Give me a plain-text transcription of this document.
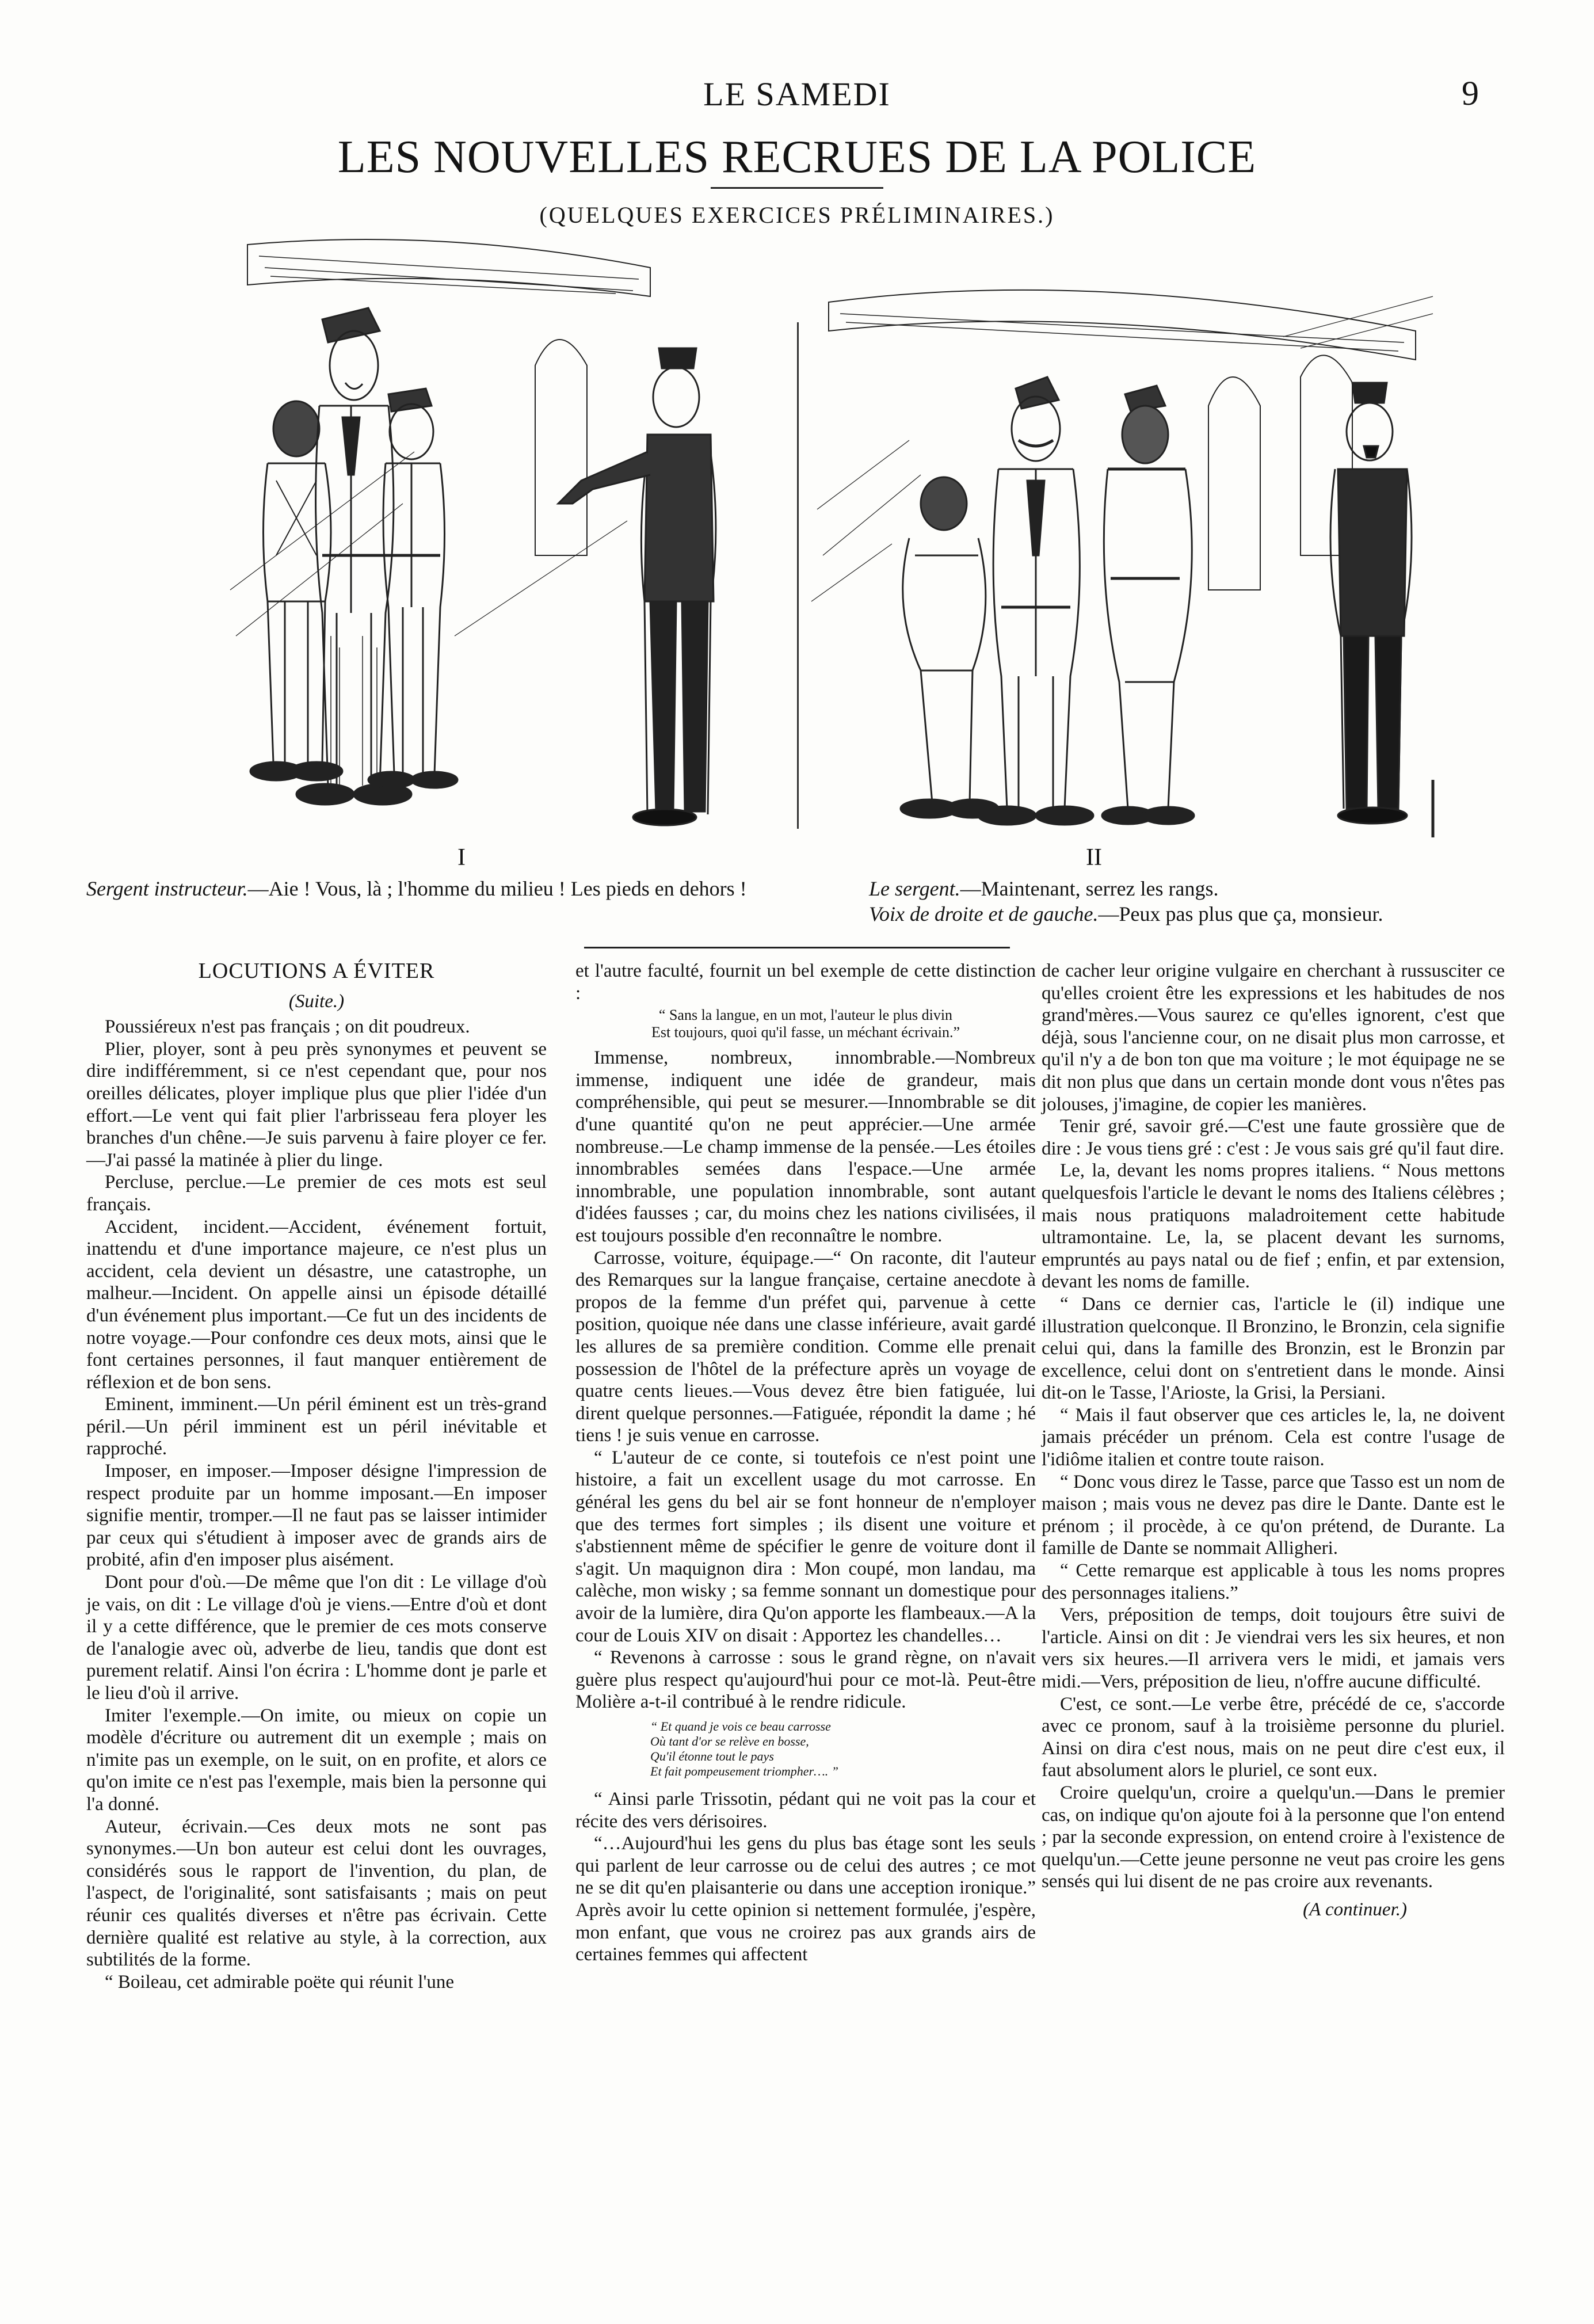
LE SAMEDI	9
LES NOUVELLES RECRUES DE LA POLICE
(QUELQUES EXERCICES PRÉLIMINAIRES.)
I	II
Sergent instructeur.—Aie ! Vous, là ; l'homme du milieu ! Les pieds en dehors !	Le sergent.—Maintenant, serrez les rangs.
Voix de droite et de gauche.—Peux pas plus que ça, monsieur.

LOCUTIONS A ÉVITER

(Suite.)

Poussiéreux n'est pas français ; on dit poudreux.

Plier, ployer, sont à peu près synonymes et peuvent se dire indifféremment, si ce n'est cependant que, pour nos oreilles délicates, ployer implique plus que plier l'idée d'un effort.—Le vent qui fait plier l'arbrisseau fera ployer les branches d'un chêne.—Je suis parvenu à faire ployer ce fer.—J'ai passé la matinée à plier du linge.

Percluse, perclue.—Le premier de ces mots est seul français.

Accident, incident.—Accident, événement fortuit, inattendu et d'une importance majeure, ce n'est plus un accident, cela devient un désastre, une catastrophe, un malheur.—Incident. On appelle ainsi un épisode détaillé d'un événement plus important.—Ce fut un des incidents de notre voyage.—Pour confondre ces deux mots, ainsi que le font certaines personnes, il faut manquer entièrement de réflexion et de bon sens.

Eminent, imminent.—Un péril éminent est un très-grand péril.—Un péril imminent est un péril inévitable et rapproché.

Imposer, en imposer.—Imposer désigne l'impression de respect produite par un homme imposant.—En imposer signifie mentir, tromper.—Il ne faut pas se laisser intimider par ceux qui s'étudient à imposer avec de grands airs de probité, afin d'en imposer plus aisément.

Dont pour d'où.—De même que l'on dit : Le village d'où je vais, on dit : Le village d'où je viens.—Entre d'où et dont il y a cette différence, que le premier de ces mots conserve de l'analogie avec où, adverbe de lieu, tandis que dont est purement relatif. Ainsi l'on écrira : L'homme dont je parle et le lieu d'où il arrive.

Imiter l'exemple.—On imite, ou mieux on copie un modèle d'écriture ou autrement dit un exemple ; mais on n'imite pas un exemple, on le suit, on en profite, et alors ce qu'on imite ce n'est pas l'exemple, mais bien la personne qui l'a donné.

Auteur, écrivain.—Ces deux mots ne sont pas synonymes.—Un bon auteur est celui dont les ouvrages, considérés sous le rapport de l'invention, du plan, de l'aspect, de l'originalité, sont satisfaisants ; mais on peut réunir ces qualités diverses et n'être pas écrivain. Cette dernière qualité est relative au style, à la correction, aux subtilités de la forme.

“ Boileau, cet admirable poëte qui réunit l'une

et l'autre faculté, fournit un bel exemple de cette distinction :

“ Sans la langue, en un mot, l'auteur le plus divin
Est toujours, quoi qu'il fasse, un méchant écrivain.”

Immense, nombreux, innombrable.—Nombreux immense, indiquent une idée de grandeur, mais compréhensible, qui peut se mesurer.—Innombrable se dit d'une quantité qu'on ne peut apprécier.—Une armée nombreuse.—Le champ immense de la pensée.—Les étoiles innombrables semées dans l'espace.—Une armée innombrable, une population innombrable, sont autant d'idées fausses ; car, du moins chez les nations civilisées, il est toujours possible d'en reconnaître le nombre.

Carrosse, voiture, équipage.—“ On raconte, dit l'auteur des Remarques sur la langue française, certaine anecdote à propos de la femme d'un préfet qui, parvenue à cette position, quoique née dans une classe inférieure, avait gardé les allures de sa première condition. Comme elle prenait possession de l'hôtel de la préfecture après un voyage de quatre cents lieues.—Vous devez être bien fatiguée, lui dirent quelque personnes.—Fatiguée, répondit la dame ; hé tiens ! je suis venue en carrosse.

“ L'auteur de ce conte, si toutefois ce n'est point une histoire, a fait un excellent usage du mot carrosse. En général les gens du bel air se font honneur de n'employer que des termes fort simples ; ils disent une voiture et s'abstiennent même de spécifier le genre de voiture dont il s'agit. Un maquignon dira : Mon coupé, mon landau, ma calèche, mon wisky ; sa femme sonnant un domestique pour avoir de la lumière, dira Qu'on apporte les flambeaux.—A la cour de Louis XIV on disait : Apportez les chandelles…

“ Revenons à carrosse : sous le grand règne, on n'avait guère plus respect qu'aujourd'hui pour ce mot-là. Peut-être Molière a-t-il contribué à le rendre ridicule.

“ Et quand je vois ce beau carrosse
Où tant d'or se relève en bosse,
Qu'il étonne tout le pays
Et fait pompeusement triompher…. ”

“ Ainsi parle Trissotin, pédant qui ne voit pas la cour et récite des vers dérisoires.

“…Aujourd'hui les gens du plus bas étage sont les seuls qui parlent de leur carrosse ou de celui des autres ; ce mot ne se dit qu'en plaisanterie ou dans une acception ironique.” Après avoir lu cette opinion si nettement formulée, j'espère, mon enfant, que vous ne croirez pas aux grands airs de certaines femmes qui affectent

de cacher leur origine vulgaire en cherchant à russusciter ce qu'elles croient être les expressions et les habitudes de nos grand'mères.—Vous saurez ce qu'elles ignorent, c'est que déjà, sous l'ancienne cour, on ne disait plus mon carrosse, et qu'il n'y a de bon ton que ma voiture ; le mot équipage ne se dit non plus que dans un certain monde dont vous n'êtes pas jolouses, j'imagine, de copier les manières.

Tenir gré, savoir gré.—C'est une faute grossière que de dire : Je vous tiens gré : c'est : Je vous sais gré qu'il faut dire.

Le, la, devant les noms propres italiens. “ Nous mettons quelquesfois l'article le devant le noms des Italiens célèbres ; mais nous pratiquons maladroitement cette habitude ultramontaine. Le, la, se placent devant les surnoms, empruntés au pays natal ou de fief ; enfin, et par extension, devant les noms de famille.

“ Dans ce dernier cas, l'article le (il) indique une illustration quelconque. Il Bronzino, le Bronzin, cela signifie celui qui, dans la famille des Bronzin, est le Bronzin par excellence, celui dont on s'entretient dans le monde. Ainsi dit-on le Tasse, l'Arioste, la Grisi, la Persiani.

“ Mais il faut observer que ces articles le, la, ne doivent jamais précéder un prénom. Cela est contre l'usage de l'idiôme italien et contre toute raison.

“ Donc vous direz le Tasse, parce que Tasso est un nom de maison ; mais vous ne devez pas dire le Dante. Dante est le prénom ; il procède, à ce qu'on prétend, de Durante. La famille de Dante se nommait Alligheri.

“ Cette remarque est applicable à tous les noms propres des personnages italiens.”

Vers, préposition de temps, doit toujours être suivi de l'article. Ainsi on dit : Je viendrai vers les six heures, et non vers six heures.—Il arrivera vers le midi, et jamais vers midi.—Vers, préposition de lieu, n'offre aucune difficulté.

C'est, ce sont.—Le verbe être, précédé de ce, s'accorde avec ce pronom, sauf à la troisième personne du pluriel. Ainsi on dira c'est nous, mais on ne peut dire c'est eux, il faut absolument alors le pluriel, ce sont eux.

Croire quelqu'un, croire a quelqu'un.—Dans le premier cas, on indique qu'on ajoute foi à la personne que l'on entend ; par la seconde expression, on entend croire à l'existence de quelqu'un.—Cette jeune personne ne veut pas croire les gens sensés qui lui disent de ne pas croire aux revenants.

(A continuer.)
